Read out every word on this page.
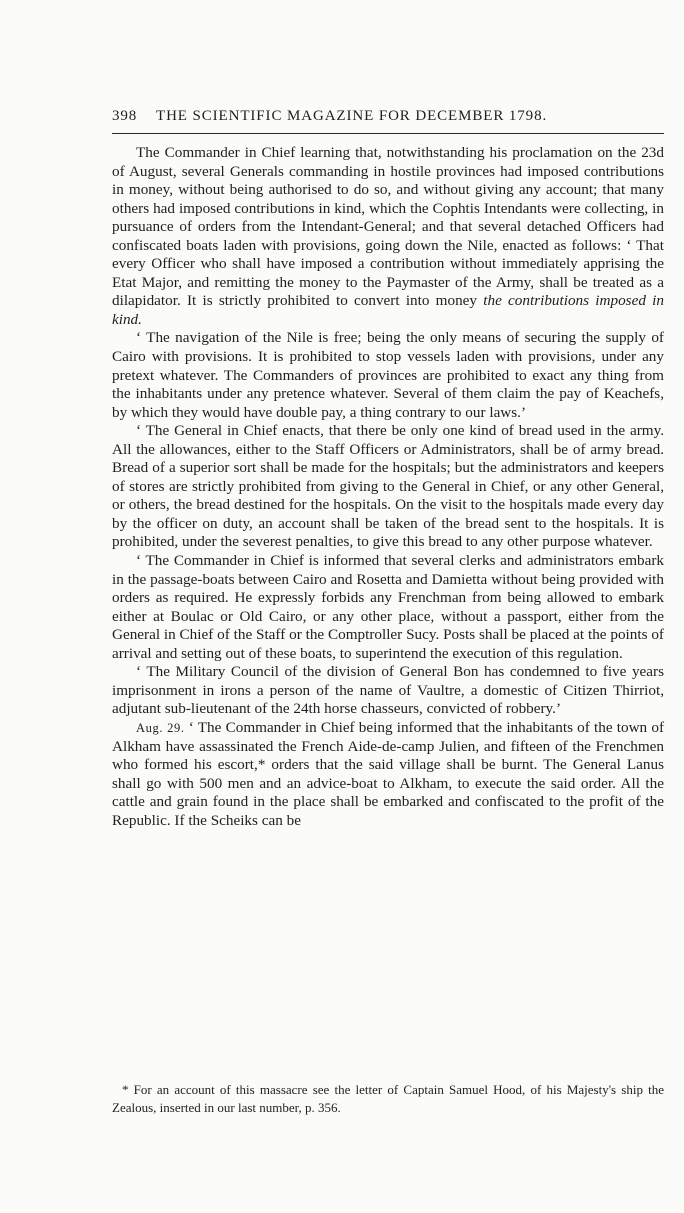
398 THE SCIENTIFIC MAGAZINE FOR DECEMBER 1798.

The Commander in Chief learning that, notwithstanding his proclamation on the 23d of August, several Generals commanding in hostile provinces had imposed contributions in money, without being authorised to do so, and without giving any account; that many others had imposed contributions in kind, which the Cophtis Intendants were collecting, in pursuance of orders from the Intendant-General; and that several detached Officers had confiscated boats laden with provisions, going down the Nile, enacted as follows: ‘ That every Officer who shall have imposed a contribution without immediately apprising the Etat Major, and remitting the money to the Paymaster of the Army, shall be treated as a dilapidator. It is strictly prohibited to convert into money the contributions imposed in kind.

‘ The navigation of the Nile is free; being the only means of securing the supply of Cairo with provisions. It is prohibited to stop vessels laden with provisions, under any pretext whatever. The Commanders of provinces are prohibited to exact any thing from the inhabitants under any pretence whatever. Several of them claim the pay of Keachefs, by which they would have double pay, a thing contrary to our laws.’

‘ The General in Chief enacts, that there be only one kind of bread used in the army. All the allowances, either to the Staff Officers or Administrators, shall be of army bread. Bread of a superior sort shall be made for the hospitals; but the administrators and keepers of stores are strictly prohibited from giving to the General in Chief, or any other General, or others, the bread destined for the hospitals. On the visit to the hospitals made every day by the officer on duty, an account shall be taken of the bread sent to the hospitals. It is prohibited, under the severest penalties, to give this bread to any other purpose whatever.

‘ The Commander in Chief is informed that several clerks and administrators embark in the passage-boats between Cairo and Rosetta and Damietta without being provided with orders as required. He expressly forbids any Frenchman from being allowed to embark either at Boulac or Old Cairo, or any other place, without a passport, either from the General in Chief of the Staff or the Comptroller Sucy. Posts shall be placed at the points of arrival and setting out of these boats, to superintend the execution of this regulation.

‘ The Military Council of the division of General Bon has condemned to five years imprisonment in irons a person of the name of Vaultre, a domestic of Citizen Thirriot, adjutant sub-lieutenant of the 24th horse chasseurs, convicted of robbery.’

Aug. 29. ‘ The Commander in Chief being informed that the inhabitants of the town of Alkham have assassinated the French Aide-de-camp Julien, and fifteen of the Frenchmen who formed his escort,* orders that the said village shall be burnt. The General Lanus shall go with 500 men and an advice-boat to Alkham, to execute the said order. All the cattle and grain found in the place shall be embarked and confiscated to the profit of the Republic. If the Scheiks can be

* For an account of this massacre see the letter of Captain Samuel Hood, of his Majesty's ship the Zealous, inserted in our last number, p. 356.
